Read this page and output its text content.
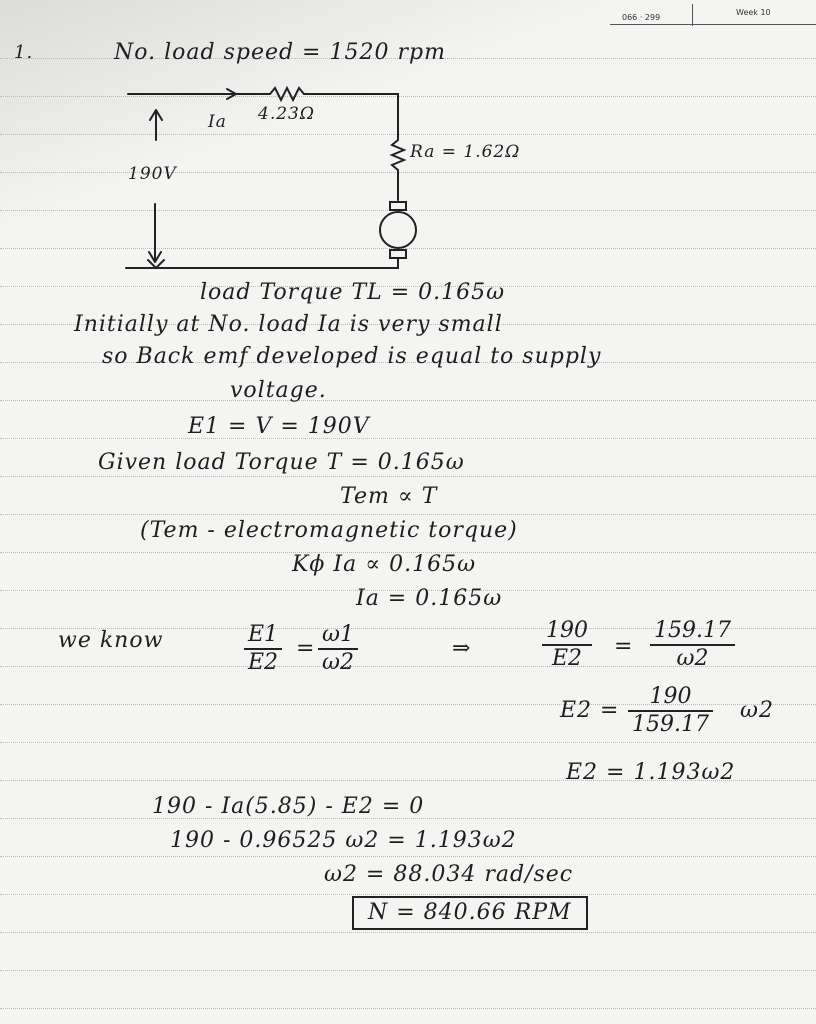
066 · 299
Week 10
1.	No. load speed = 1520 rpm
Ia 4.23Ω
Ra = 1.62Ω
190V
load Torque TL = 0.165ω
Initially at No. load Ia is very small
so Back emf developed is equal to supply
voltage.
E1 = V = 190V
Given load Torque T = 0.165ω
Tem ∝ T
(Tem - electromagnetic torque)
Kϕ Ia ∝ 0.165ω
Ia = 0.165ω
we know	$\frac{E1}{E2} = \frac{\omega 1}{\omega 2}$	⇒	$\frac{190}{E2} = \frac{159.17}{\omega 2}$
$E2 = \frac{190}{159.17} \omega 2$
E2 = 1.193ω2
190 - Ia(5.85) - E2 = 0
190 - 0.96525 ω2 = 1.193ω2
ω2 = 88.034 rad/sec
N = 840.66 RPM
